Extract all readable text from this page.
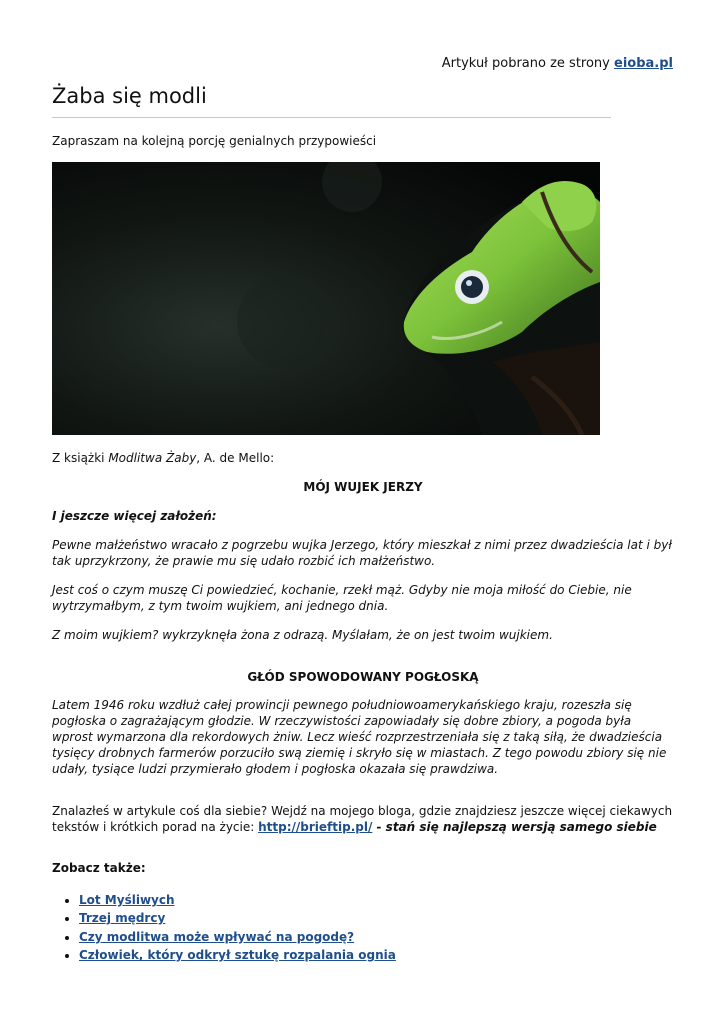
Artykuł pobrano ze strony eioba.pl
Żaba się modli
Zapraszam na kolejną porcję genialnych przypowieści
Z książki Modlitwa Żaby, A. de Mello:
MÓJ WUJEK JERZY
I jeszcze więcej założeń:
Pewne małżeństwo wracało z pogrzebu wujka Jerzego, który mieszkał z nimi przez dwadzieścia lat i był tak uprzykrzony, że prawie mu się udało rozbić ich małżeństwo.
Jest coś o czym muszę Ci powiedzieć, kochanie, rzekł mąż. Gdyby nie moja miłość do Ciebie, nie wytrzymałbym, z tym twoim wujkiem, ani jednego dnia.
Z moim wujkiem? wykrzyknęła żona z odrazą. Myślałam, że on jest twoim wujkiem.
GŁÓD SPOWODOWANY POGŁOSKĄ
Latem 1946 roku wzdłuż całej prowincji pewnego południowoamerykańskiego kraju, rozeszła się pogłoska o zagrażającym głodzie. W rzeczywistości zapowiadały się dobre zbiory, a pogoda była wprost wymarzona dla rekordowych żniw. Lecz wieść rozprzestrzeniała się z taką siłą, że dwadzieścia tysięcy drobnych farmerów porzuciło swą ziemię i skryło się w miastach. Z tego powodu zbiory się nie udały, tysiące ludzi przymierało głodem i pogłoska okazała się prawdziwa.
Znalazłeś w artykule coś dla siebie? Wejdź na mojego bloga, gdzie znajdziesz jeszcze więcej ciekawych tekstów i krótkich porad na życie: http://brieftip.pl/ - stań się najlepszą wersją samego siebie
Zobacz także:
• Lot Myśliwych
• Trzej mędrcy
• Czy modlitwa może wpływać na pogodę?
• Człowiek, który odkrył sztukę rozpalania ognia
